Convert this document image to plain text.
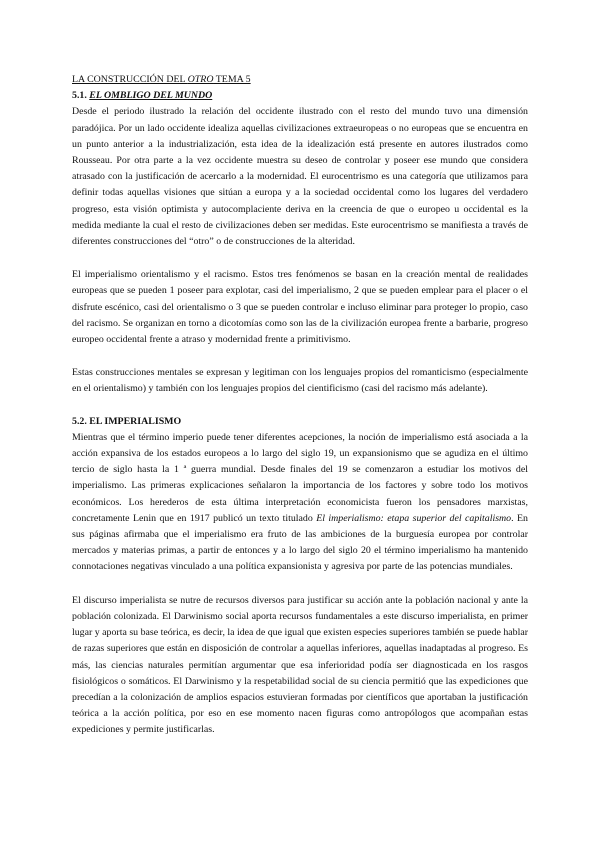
LA CONSTRUCCIÓN DEL OTRO TEMA 5

5.1. EL OMBLIGO DEL MUNDO

Desde el periodo ilustrado la relación del occidente ilustrado con el resto del mundo tuvo una dimensión paradójica. Por un lado occidente idealiza aquellas civilizaciones extraeuropeas o no europeas que se encuentra en un punto anterior a la industrialización, esta idea de la idealización está presente en autores ilustrados como Rousseau. Por otra parte a la vez occidente muestra su deseo de controlar y poseer ese mundo que considera atrasado con la justificación de acercarlo a la modernidad. El eurocentrismo es una categoría que utilizamos para definir todas aquellas visiones que sitúan a europa y a la sociedad occidental como los lugares del verdadero progreso, esta visión optimista y autocomplaciente deriva en la creencia de que o europeo u occidental es la medida mediante la cual el resto de civilizaciones deben ser medidas. Este eurocentrismo se manifiesta a través de diferentes construcciones del “otro” o de construcciones de la alteridad.

El imperialismo orientalismo y el racismo. Estos tres fenómenos se basan en la creación mental de realidades europeas que se pueden 1 poseer para explotar, casi del imperialismo, 2 que se pueden emplear para el placer o el disfrute escénico, casi del orientalismo o 3 que se pueden controlar e incluso eliminar para proteger lo propio, caso del racismo. Se organizan en torno a dicotomías como son las de la civilización europea frente a barbarie, progreso europeo occidental frente a atraso y modernidad frente a primitivismo.

Estas construcciones mentales se expresan y legitiman con los lenguajes propios del romanticismo (especialmente en el orientalismo) y también con los lenguajes propios del cientificismo (casi del racismo más adelante).

5.2. EL IMPERIALISMO

Mientras que el término imperio puede tener diferentes acepciones, la noción de imperialismo está asociada a la acción expansiva de los estados europeos a lo largo del siglo 19, un expansionismo que se agudiza en el último tercio de siglo hasta la 1 ª guerra mundial. Desde finales del 19 se comenzaron a estudiar los motivos del imperialismo. Las primeras explicaciones señalaron la importancia de los factores y sobre todo los motivos económicos. Los herederos de esta última interpretación economicista fueron los pensadores marxistas, concretamente Lenin que en 1917 publicó un texto titulado El imperialismo: etapa superior del capitalismo. En sus páginas afirmaba que el imperialismo era fruto de las ambiciones de la burguesía europea por controlar mercados y materias primas, a partir de entonces y a lo largo del siglo 20 el término imperialismo ha mantenido connotaciones negativas vinculado a una política expansionista y agresiva por parte de las potencias mundiales.

El discurso imperialista se nutre de recursos diversos para justificar su acción ante la población nacional y ante la población colonizada. El Darwinismo social aporta recursos fundamentales a este discurso imperialista, en primer lugar y aporta su base teórica, es decir, la idea de que igual que existen especies superiores también se puede hablar de razas superiores que están en disposición de controlar a aquellas inferiores, aquellas inadaptadas al progreso. Es más, las ciencias naturales permitían argumentar que esa inferioridad podía ser diagnosticada en los rasgos fisiológicos o somáticos. El Darwinismo y la respetabilidad social de su ciencia permitió que las expediciones que precedían a la colonización de amplios espacios estuvieran formadas por científicos que aportaban la justificación teórica a la acción política, por eso en ese momento nacen figuras como antropólogos que acompañan estas expediciones y permite justificarlas.
